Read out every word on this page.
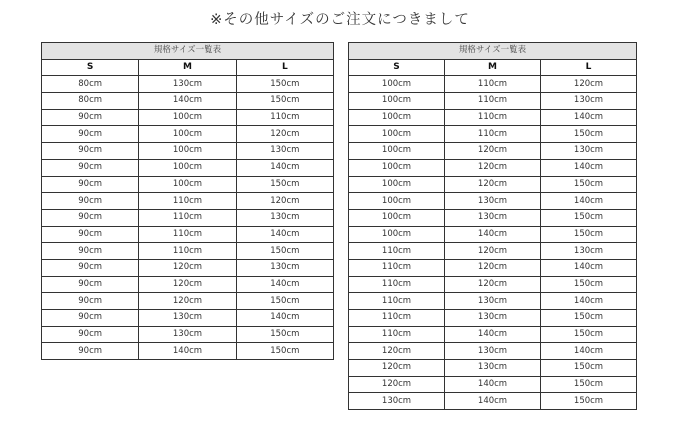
※その他サイズのご注文につきまして
規格サイズ一覧表		
S	M	L
80cm	130cm	150cm
80cm	140cm	150cm
90cm	100cm	110cm
90cm	100cm	120cm
90cm	100cm	130cm
90cm	100cm	140cm
90cm	100cm	150cm
90cm	110cm	120cm
90cm	110cm	130cm
90cm	110cm	140cm
90cm	110cm	150cm
90cm	120cm	130cm
90cm	120cm	140cm
90cm	120cm	150cm
90cm	130cm	140cm
90cm	130cm	150cm
90cm	140cm	150cm
規格サイズ一覧表		
S	M	L
100cm	110cm	120cm
100cm	110cm	130cm
100cm	110cm	140cm
100cm	110cm	150cm
100cm	120cm	130cm
100cm	120cm	140cm
100cm	120cm	150cm
100cm	130cm	140cm
100cm	130cm	150cm
100cm	140cm	150cm
110cm	120cm	130cm
110cm	120cm	140cm
110cm	120cm	150cm
110cm	130cm	140cm
110cm	130cm	150cm
110cm	140cm	150cm
120cm	130cm	140cm
120cm	130cm	150cm
120cm	140cm	150cm
130cm	140cm	150cm
